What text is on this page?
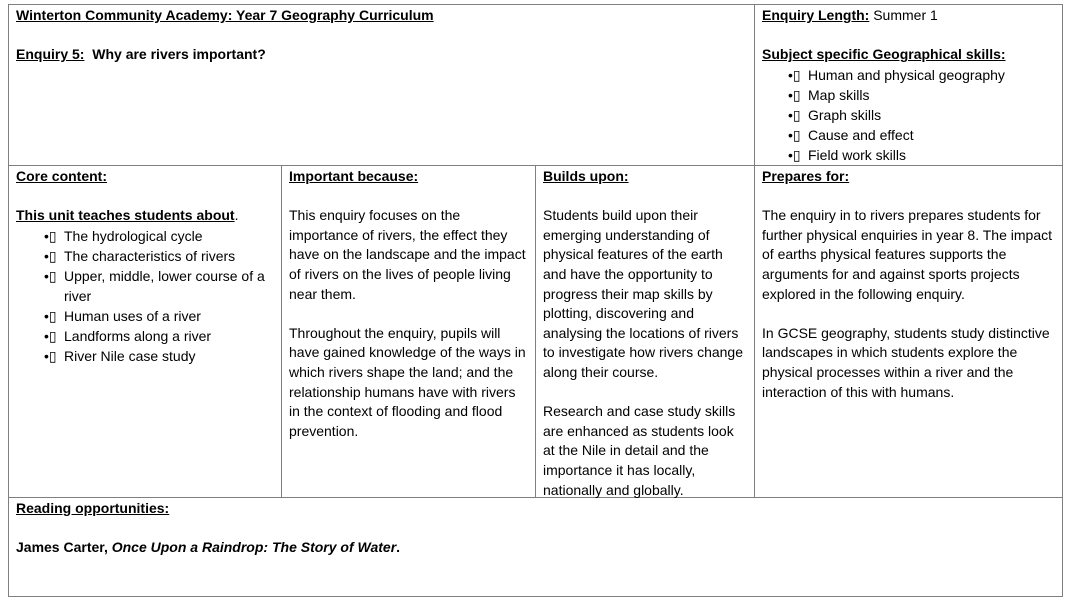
Winterton Community Academy: Year 7 Geography Curriculum
Enquiry 5: Why are rivers important?
Enquiry Length: Summer 1
Subject specific Geographical skills:
•▯ Human and physical geography
•▯ Map skills
•▯ Graph skills
•▯ Cause and effect
•▯ Field work skills
Core content:
This unit teaches students about.
•▯ The hydrological cycle
•▯ The characteristics of rivers
•▯ Upper, middle, lower course of a river
•▯ Human uses of a river
•▯ Landforms along a river
•▯ River Nile case study
Important because:

This enquiry focuses on the importance of rivers, the effect they have on the landscape and the impact of rivers on the lives of people living near them.

Throughout the enquiry, pupils will have gained knowledge of the ways in which rivers shape the land; and the relationship humans have with rivers in the context of flooding and flood prevention.

Builds upon:

Students build upon their emerging understanding of physical features of the earth and have the opportunity to progress their map skills by plotting, discovering and analysing the locations of rivers to investigate how rivers change along their course.

Research and case study skills are enhanced as students look at the Nile in detail and the importance it has locally, nationally and globally.

Prepares for:

The enquiry in to rivers prepares students for further physical enquiries in year 8. The impact of earths physical features supports the arguments for and against sports projects explored in the following enquiry.

In GCSE geography, students study distinctive landscapes in which students explore the physical processes within a river and the interaction of this with humans.

Reading opportunities:
James Carter, Once Upon a Raindrop: The Story of Water.
